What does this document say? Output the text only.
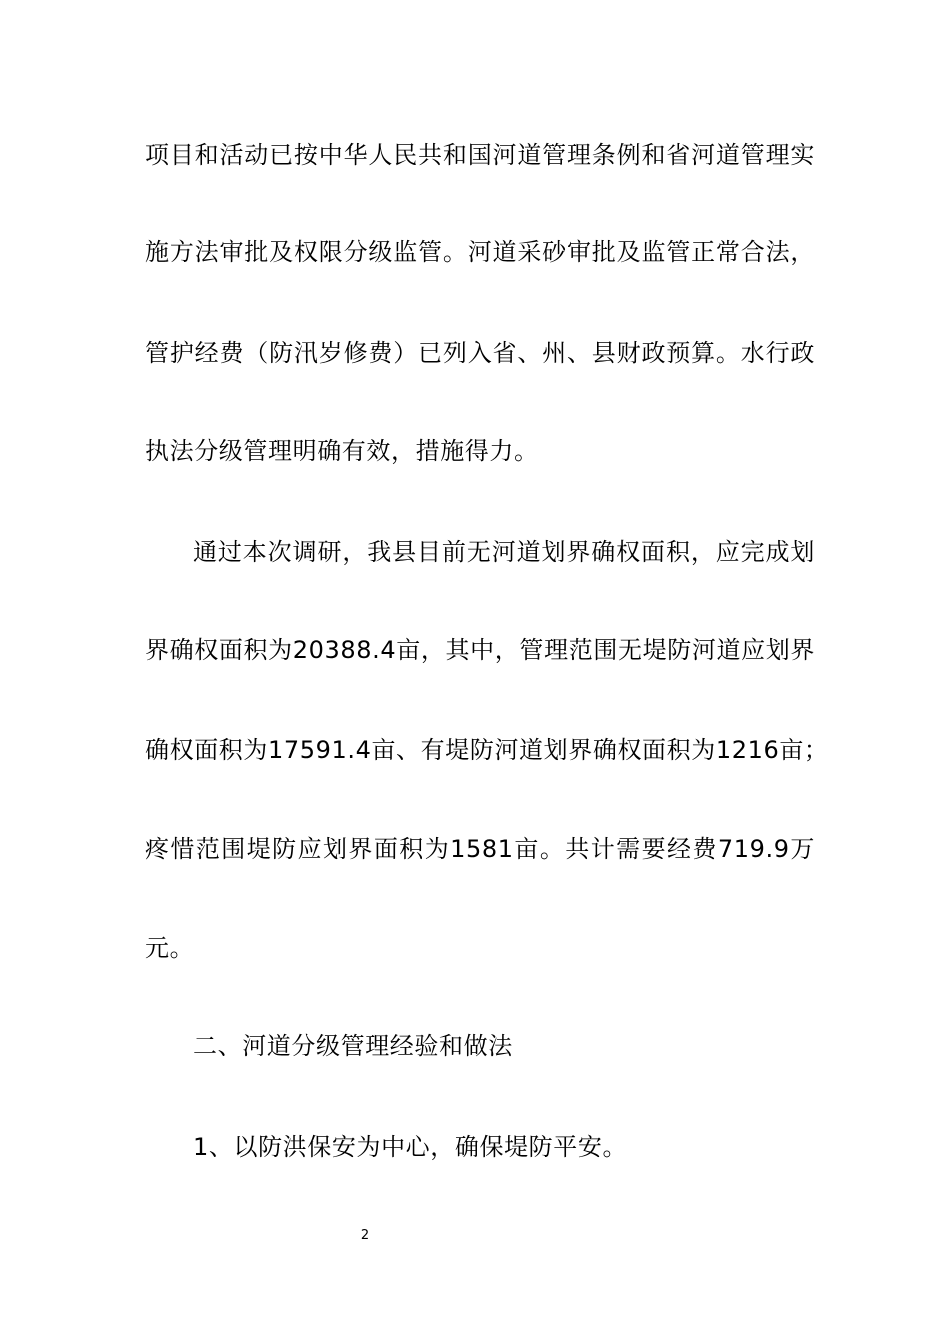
项目和活动已按中华人民共和国河道管理条例和省河道管理实
施方法审批及权限分级监管。河道采砂审批及监管正常合法，
管护经费（防汛岁修费）已列入省、州、县财政预算。水行政
执法分级管理明确有效，措施得力。
通过本次调研，我县目前无河道划界确权面积，应完成划
界确权面积为20388.4亩，其中，管理范围无堤防河道应划界
确权面积为17591.4亩、有堤防河道划界确权面积为1216亩；
疼惜范围堤防应划界面积为1581亩。共计需要经费719.9万
元。
二、河道分级管理经验和做法
1、以防洪保安为中心，确保堤防平安。
2
